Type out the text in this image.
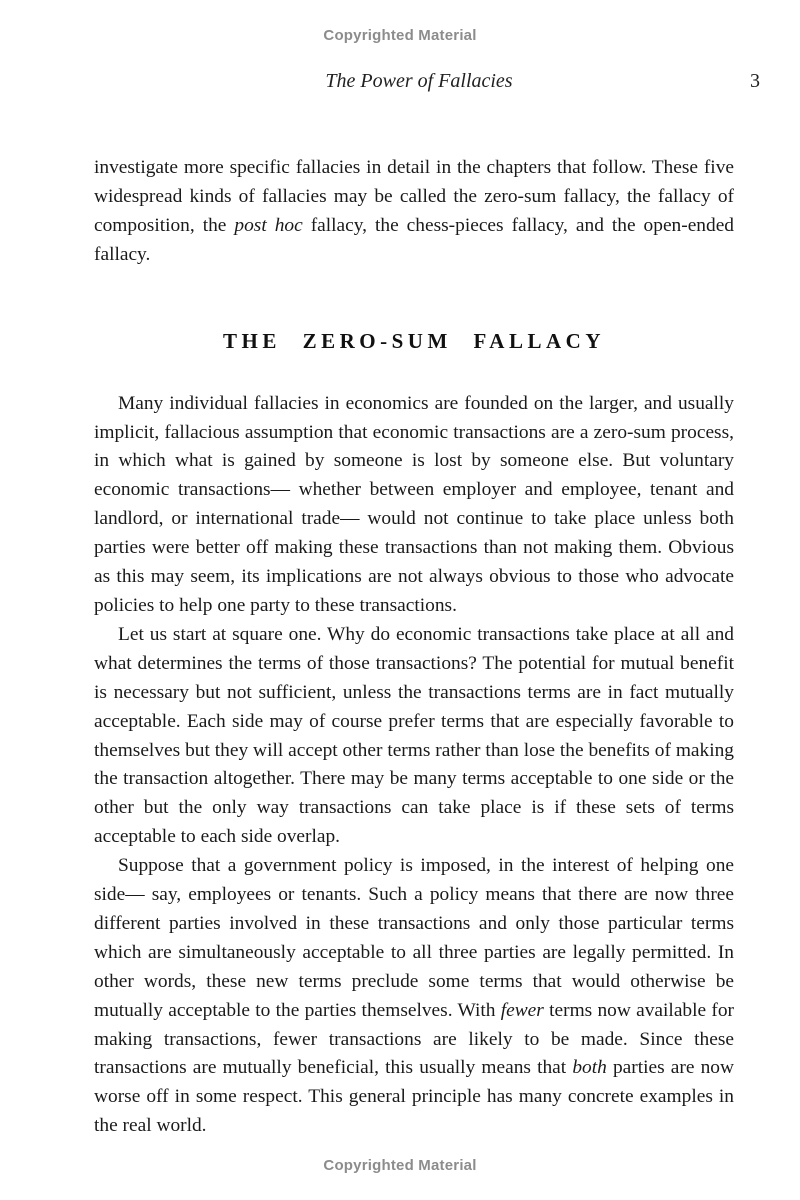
Copyrighted Material
The Power of Fallacies	3

investigate more specific fallacies in detail in the chapters that follow. These five widespread kinds of fallacies may be called the zero-sum fallacy, the fallacy of composition, the post hoc fallacy, the chess-pieces fallacy, and the open-ended fallacy.

THE ZERO-SUM FALLACY

Many individual fallacies in economics are founded on the larger, and usually implicit, fallacious assumption that economic transactions are a zero-sum process, in which what is gained by someone is lost by someone else. But voluntary economic transactions— whether between employer and employee, tenant and landlord, or international trade— would not continue to take place unless both parties were better off making these transactions than not making them. Obvious as this may seem, its implications are not always obvious to those who advocate policies to help one party to these transactions.

Let us start at square one. Why do economic transactions take place at all and what determines the terms of those transactions? The potential for mutual benefit is necessary but not sufficient, unless the transactions terms are in fact mutually acceptable. Each side may of course prefer terms that are especially favorable to themselves but they will accept other terms rather than lose the benefits of making the transaction altogether. There may be many terms acceptable to one side or the other but the only way transactions can take place is if these sets of terms acceptable to each side overlap.

Suppose that a government policy is imposed, in the interest of helping one side— say, employees or tenants. Such a policy means that there are now three different parties involved in these transactions and only those particular terms which are simultaneously acceptable to all three parties are legally permitted. In other words, these new terms preclude some terms that would otherwise be mutually acceptable to the parties themselves. With fewer terms now available for making transactions, fewer transactions are likely to be made. Since these transactions are mutually beneficial, this usually means that both parties are now worse off in some respect. This general principle has many concrete examples in the real world.

Copyrighted Material
